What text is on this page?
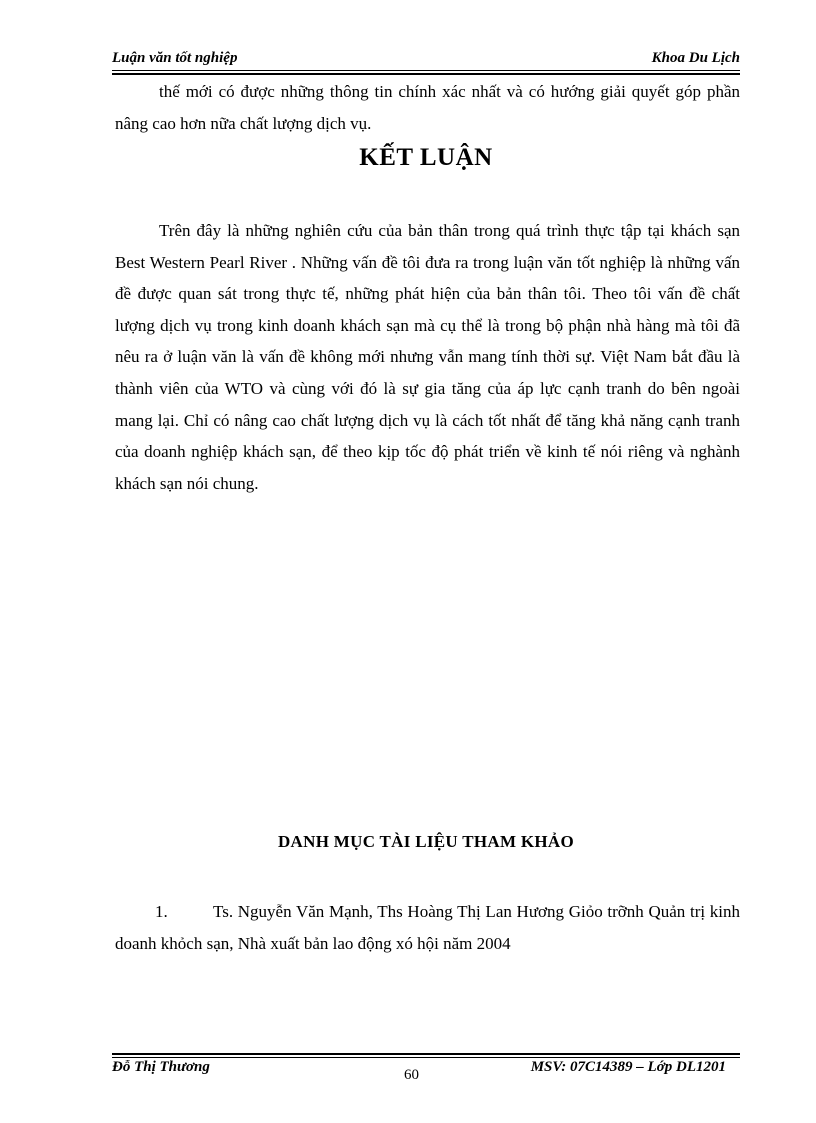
Luận văn tốt nghiệp	Khoa Du Lịch
thế mới có được những thông tin chính xác nhất và có hướng giải quyết góp phần nâng cao hơn nữa chất lượng dịch vụ.
KẾT LUẬN
Trên đây là những nghiên cứu của bản thân trong quá trình thực tập tại khách sạn Best Western Pearl River . Những vấn đề tôi đưa ra trong luận văn tốt nghiệp là những vấn đề được quan sát trong thực tế, những phát hiện của bản thân tôi. Theo tôi vấn đề chất lượng dịch vụ trong kinh doanh khách sạn mà cụ thể là trong bộ phận nhà hàng mà tôi đã nêu ra ở luận văn là vấn đề không mới nhưng vẫn mang tính thời sự. Việt Nam bắt đầu là thành viên của WTO và cùng với đó là sự gia tăng của áp lực cạnh tranh do bên ngoài mang lại. Chỉ có nâng cao chất lượng dịch vụ là cách tốt nhất để tăng khả năng cạnh tranh của doanh nghiệp khách sạn, để theo kịp tốc độ phát triển về kinh tế nói riêng và nghành khách sạn nói chung.
DANH MỤC TÀI LIỆU THAM KHẢO
1.	Ts. Nguyễn Văn Mạnh, Ths Hoàng Thị Lan Hương Giỏo trỡnh Quản trị kinh doanh khỏch sạn, Nhà xuất bản lao động xó hội năm 2004
Đỗ Thị Thương	60	MSV: 07C14389 – Lớp DL1201
